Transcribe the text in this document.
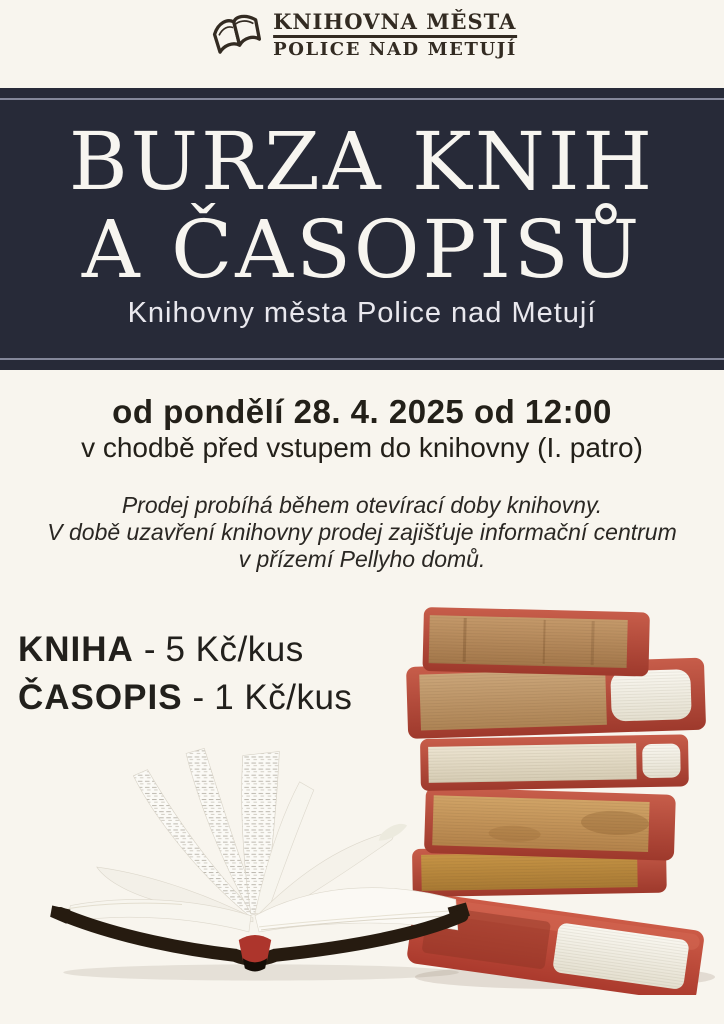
KNIHOVNA MĚSTA
POLICE NAD METUJÍ
BURZA KNIH
A ČASOPISŮ

Knihovny města Police nad Metují

od pondělí 28. 4. 2025 od 12:00

v chodbě před vstupem do knihovny (I. patro)

Prodej probíhá během otevírací doby knihovny.
V době uzavření knihovny prodej zajišťuje informační centrum
v přízemí Pellyho domů.
KNIHA - 5 Kč/kus
ČASOPIS - 1 Kč/kus
